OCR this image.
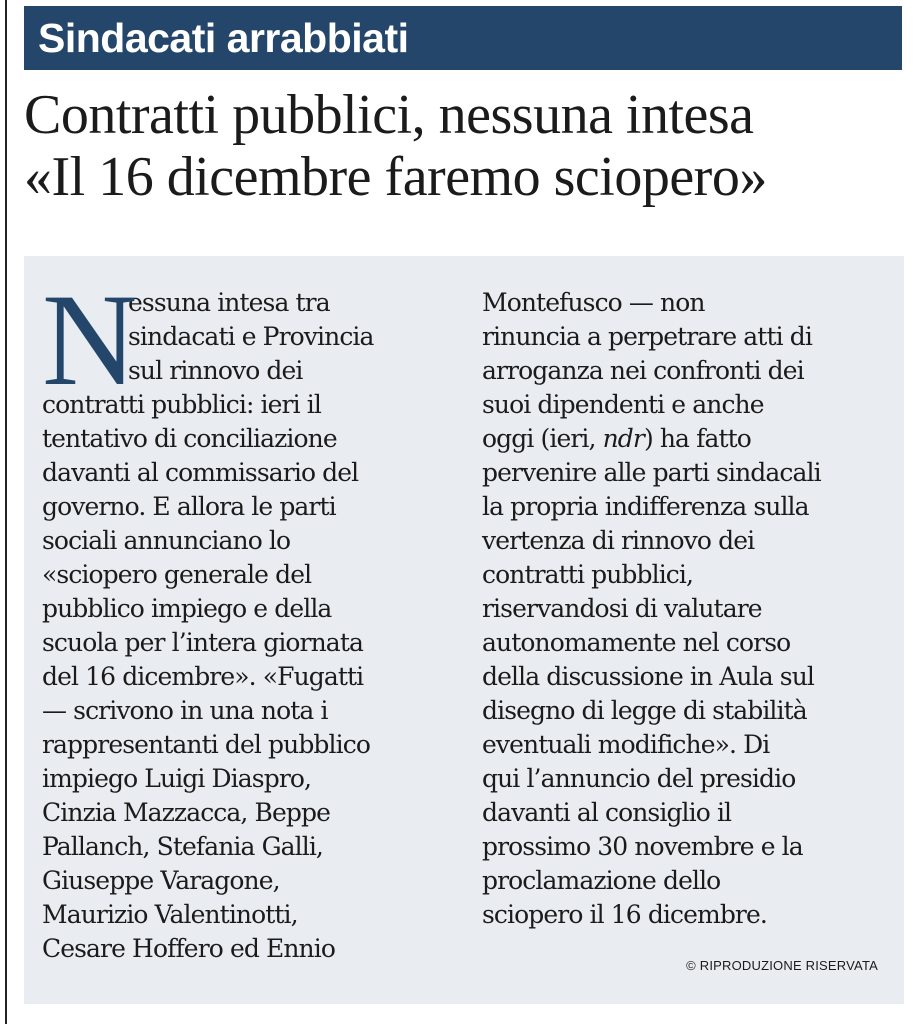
Sindacati arrabbiati
Contratti pubblici, nessuna intesa
«Il 16 dicembre faremo sciopero»
N
essuna intesa tra
sindacati e Provincia
sul rinnovo dei
contratti pubblici: ieri il
tentativo di conciliazione
davanti al commissario del
governo. E allora le parti
sociali annunciano lo
«sciopero generale del
pubblico impiego e della
scuola per l’intera giornata
del 16 dicembre». «Fugatti
— scrivono in una nota i
rappresentanti del pubblico
impiego Luigi Diaspro,
Cinzia Mazzacca, Beppe
Pallanch, Stefania Galli,
Giuseppe Varagone,
Maurizio Valentinotti,
Cesare Hoffero ed Ennio
Montefusco — non
rinuncia a perpetrare atti di
arroganza nei confronti dei
suoi dipendenti e anche
oggi (ieri, ndr) ha fatto
pervenire alle parti sindacali
la propria indifferenza sulla
vertenza di rinnovo dei
contratti pubblici,
riservandosi di valutare
autonomamente nel corso
della discussione in Aula sul
disegno di legge di stabilità
eventuali modifiche». Di
qui l’annuncio del presidio
davanti al consiglio il
prossimo 30 novembre e la
proclamazione dello
sciopero il 16 dicembre.
© RIPRODUZIONE RISERVATA
